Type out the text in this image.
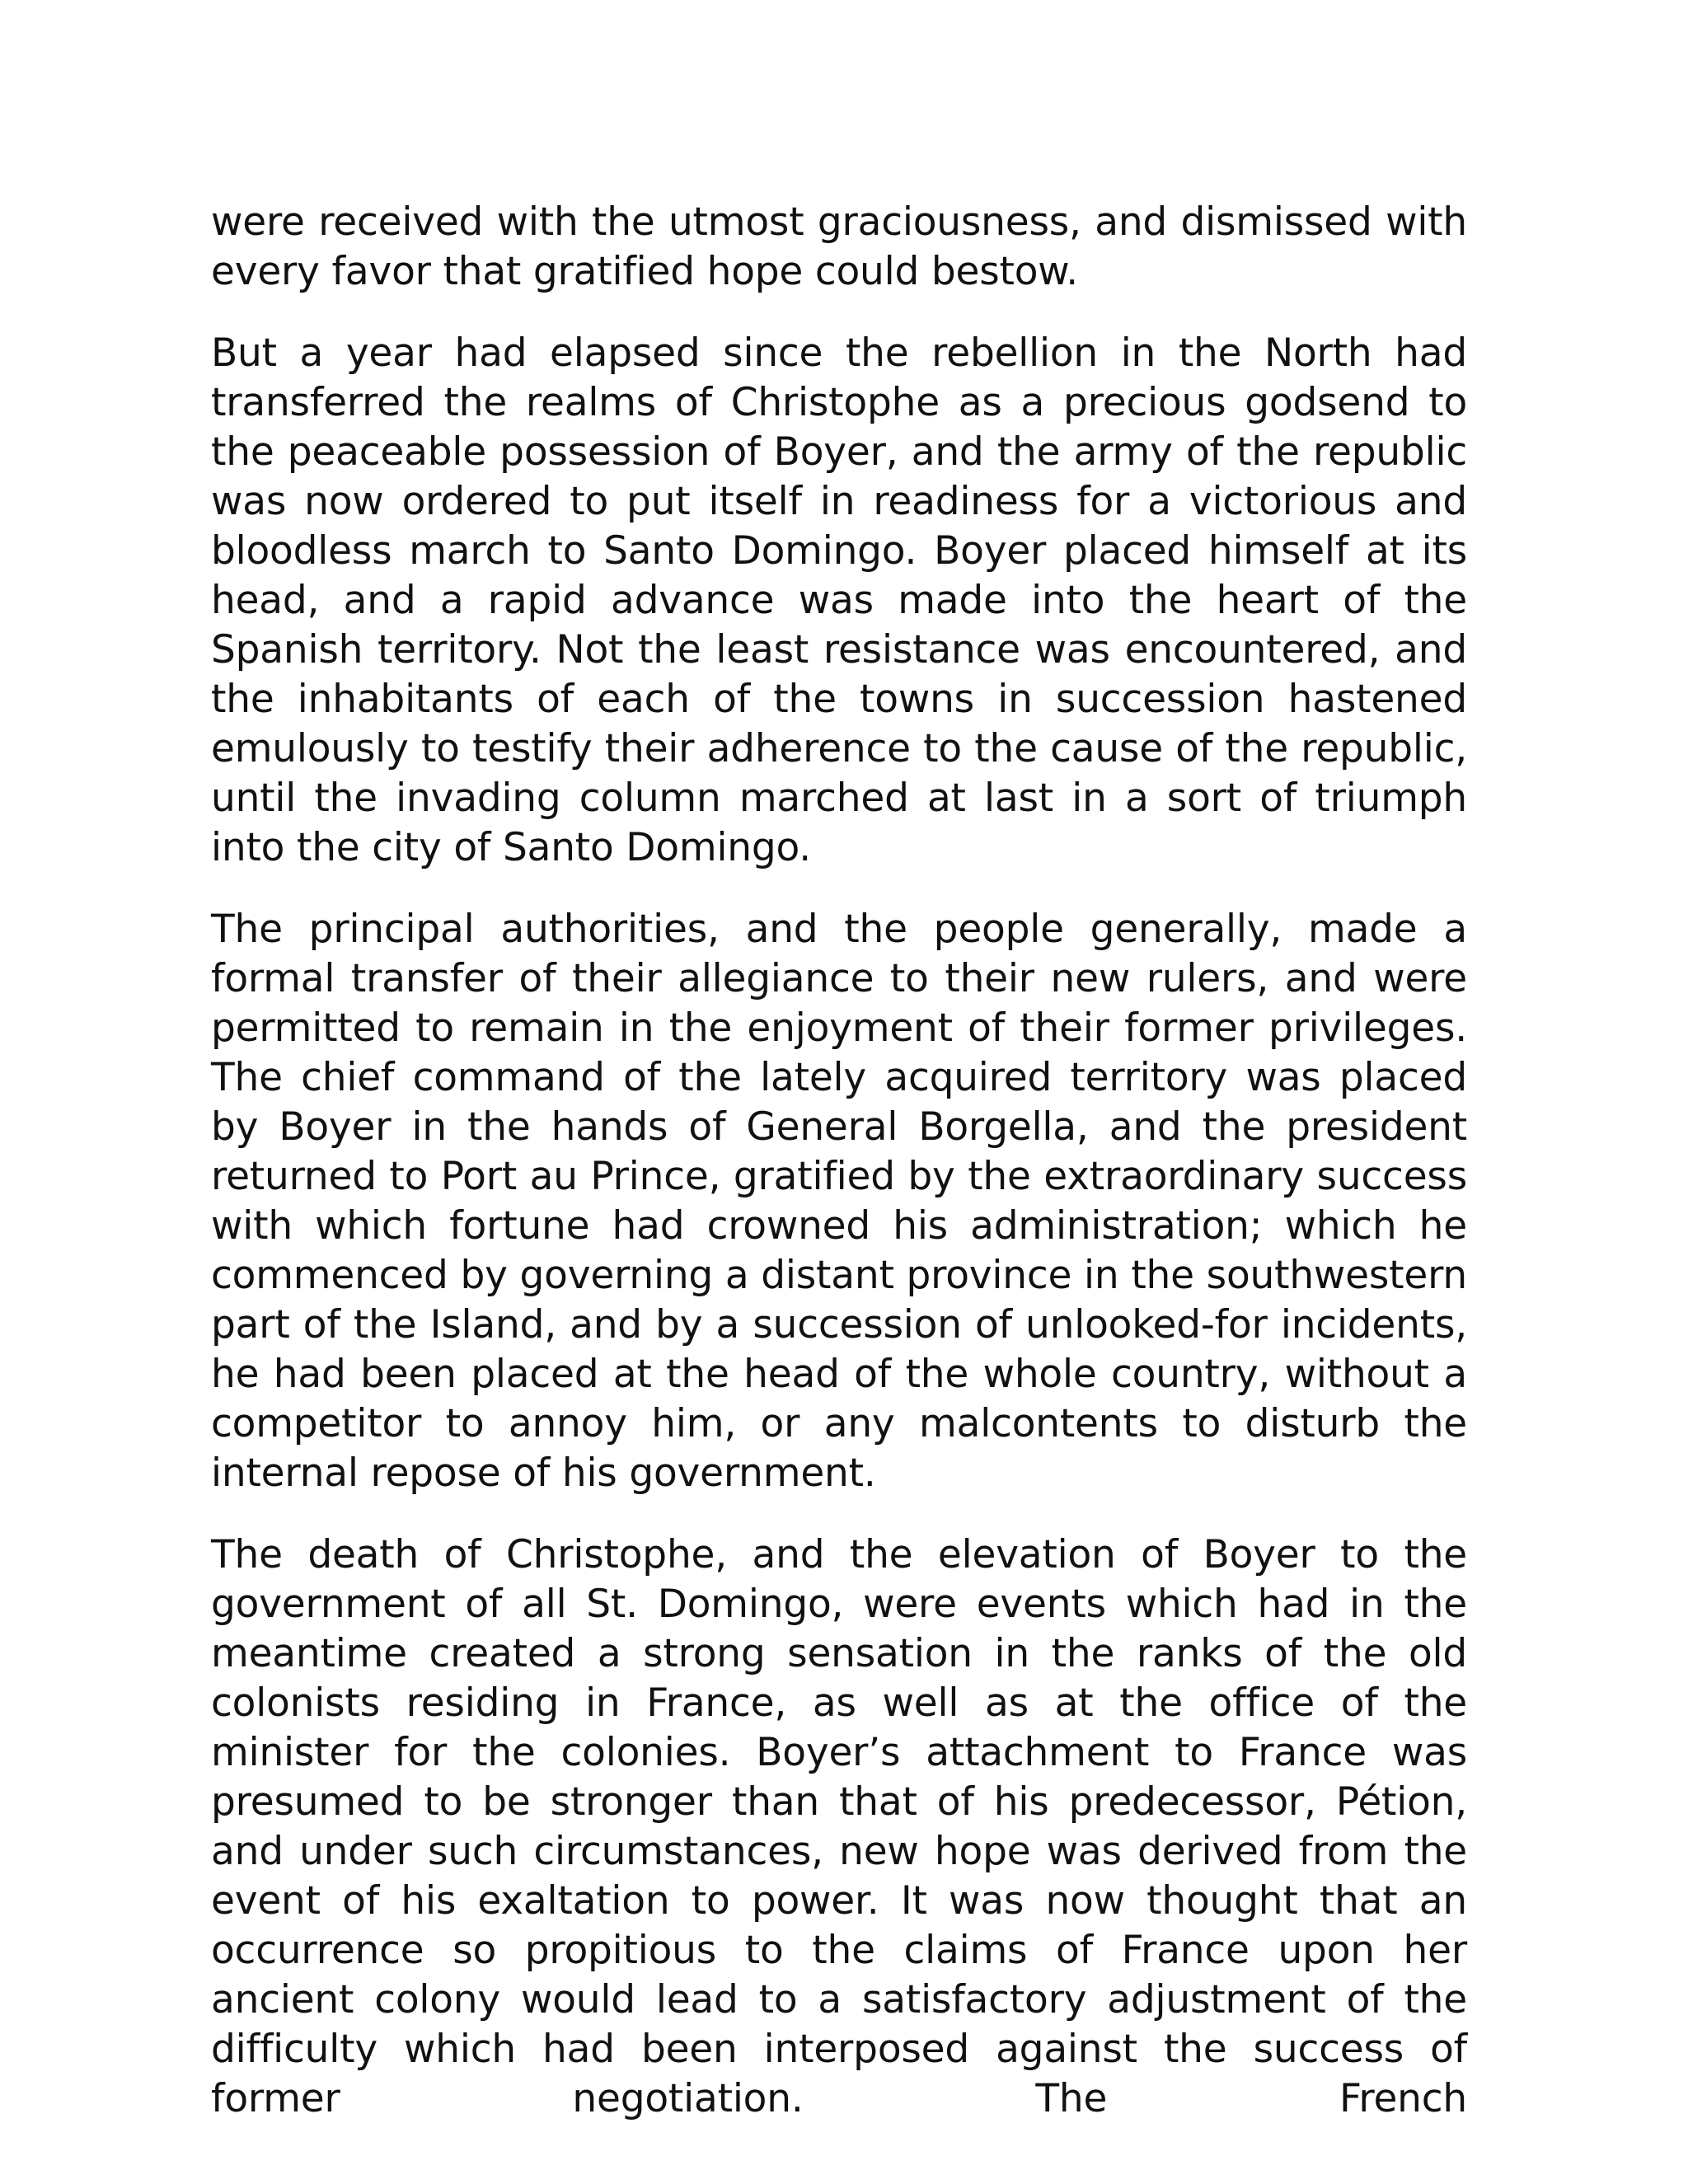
were received with the utmost graciousness, and dismissed with every favor that gratified hope could bestow.

But a year had elapsed since the rebellion in the North had transferred the realms of Christophe as a precious godsend to the peaceable possession of Boyer, and the army of the republic was now ordered to put itself in readiness for a victorious and bloodless march to Santo Domingo. Boyer placed himself at its head, and a rapid advance was made into the heart of the Spanish territory. Not the least resistance was encountered, and the inhabitants of each of the towns in succession hastened emulously to testify their adherence to the cause of the republic, until the invading column marched at last in a sort of triumph into the city of Santo Domingo.

The principal authorities, and the people generally, made a formal transfer of their allegiance to their new rulers, and were permitted to remain in the enjoyment of their former privileges. The chief command of the lately acquired territory was placed by Boyer in the hands of General Borgella, and the president returned to Port au Prince, gratified by the extraordinary success with which fortune had crowned his administration; which he commenced by governing a distant province in the southwestern part of the Island, and by a succession of unlooked-for incidents, he had been placed at the head of the whole country, without a competitor to annoy him, or any malcontents to disturb the internal repose of his government.

The death of Christophe, and the elevation of Boyer to the government of all St. Domingo, were events which had in the meantime created a strong sensation in the ranks of the old colonists residing in France, as well as at the office of the minister for the colonies. Boyer’s attachment to France was presumed to be stronger than that of his predecessor, Pétion, and under such circumstances, new hope was derived from the event of his exaltation to power. It was now thought that an occurrence so propitious to the claims of France upon her ancient colony would lead to a satisfactory adjustment of the difficulty which had been interposed against the success of former negotiation. The French
